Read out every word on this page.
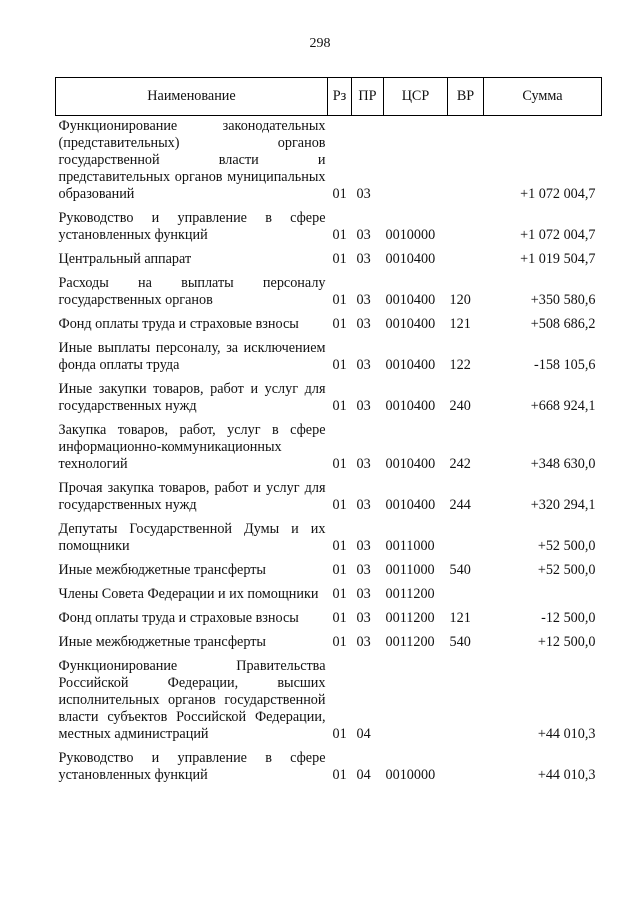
298
Наименование	Рз	ПР	ЦСР	ВР	Сумма
Функционирование законодательных (представительных) органов государственной власти и представительных органов муниципальных образований	01	03			+1 072 004,7
Руководство и управление в сфере установленных функций	01	03	0010000		+1 072 004,7
Центральный аппарат	01	03	0010400		+1 019 504,7
Расходы на выплаты персоналу государственных органов	01	03	0010400	120	+350 580,6
Фонд оплаты труда и страховые взносы	01	03	0010400	121	+508 686,2
Иные выплаты персоналу, за исключением фонда оплаты труда	01	03	0010400	122	-158 105,6
Иные закупки товаров, работ и услуг для государственных нужд	01	03	0010400	240	+668 924,1
Закупка товаров, работ, услуг в сфере информационно-коммуникационных технологий	01	03	0010400	242	+348 630,0
Прочая закупка товаров, работ и услуг для государственных нужд	01	03	0010400	244	+320 294,1
Депутаты Государственной Думы и их помощники	01	03	0011000		+52 500,0
Иные межбюджетные трансферты	01	03	0011000	540	+52 500,0
Члены Совета Федерации и их помощники	01	03	0011200		
Фонд оплаты труда и страховые взносы	01	03	0011200	121	-12 500,0
Иные межбюджетные трансферты	01	03	0011200	540	+12 500,0
Функционирование Правительства Российской Федерации, высших исполнительных органов государственной власти субъектов Российской Федерации, местных администраций	01	04			+44 010,3
Руководство и управление в сфере установленных функций	01	04	0010000		+44 010,3
